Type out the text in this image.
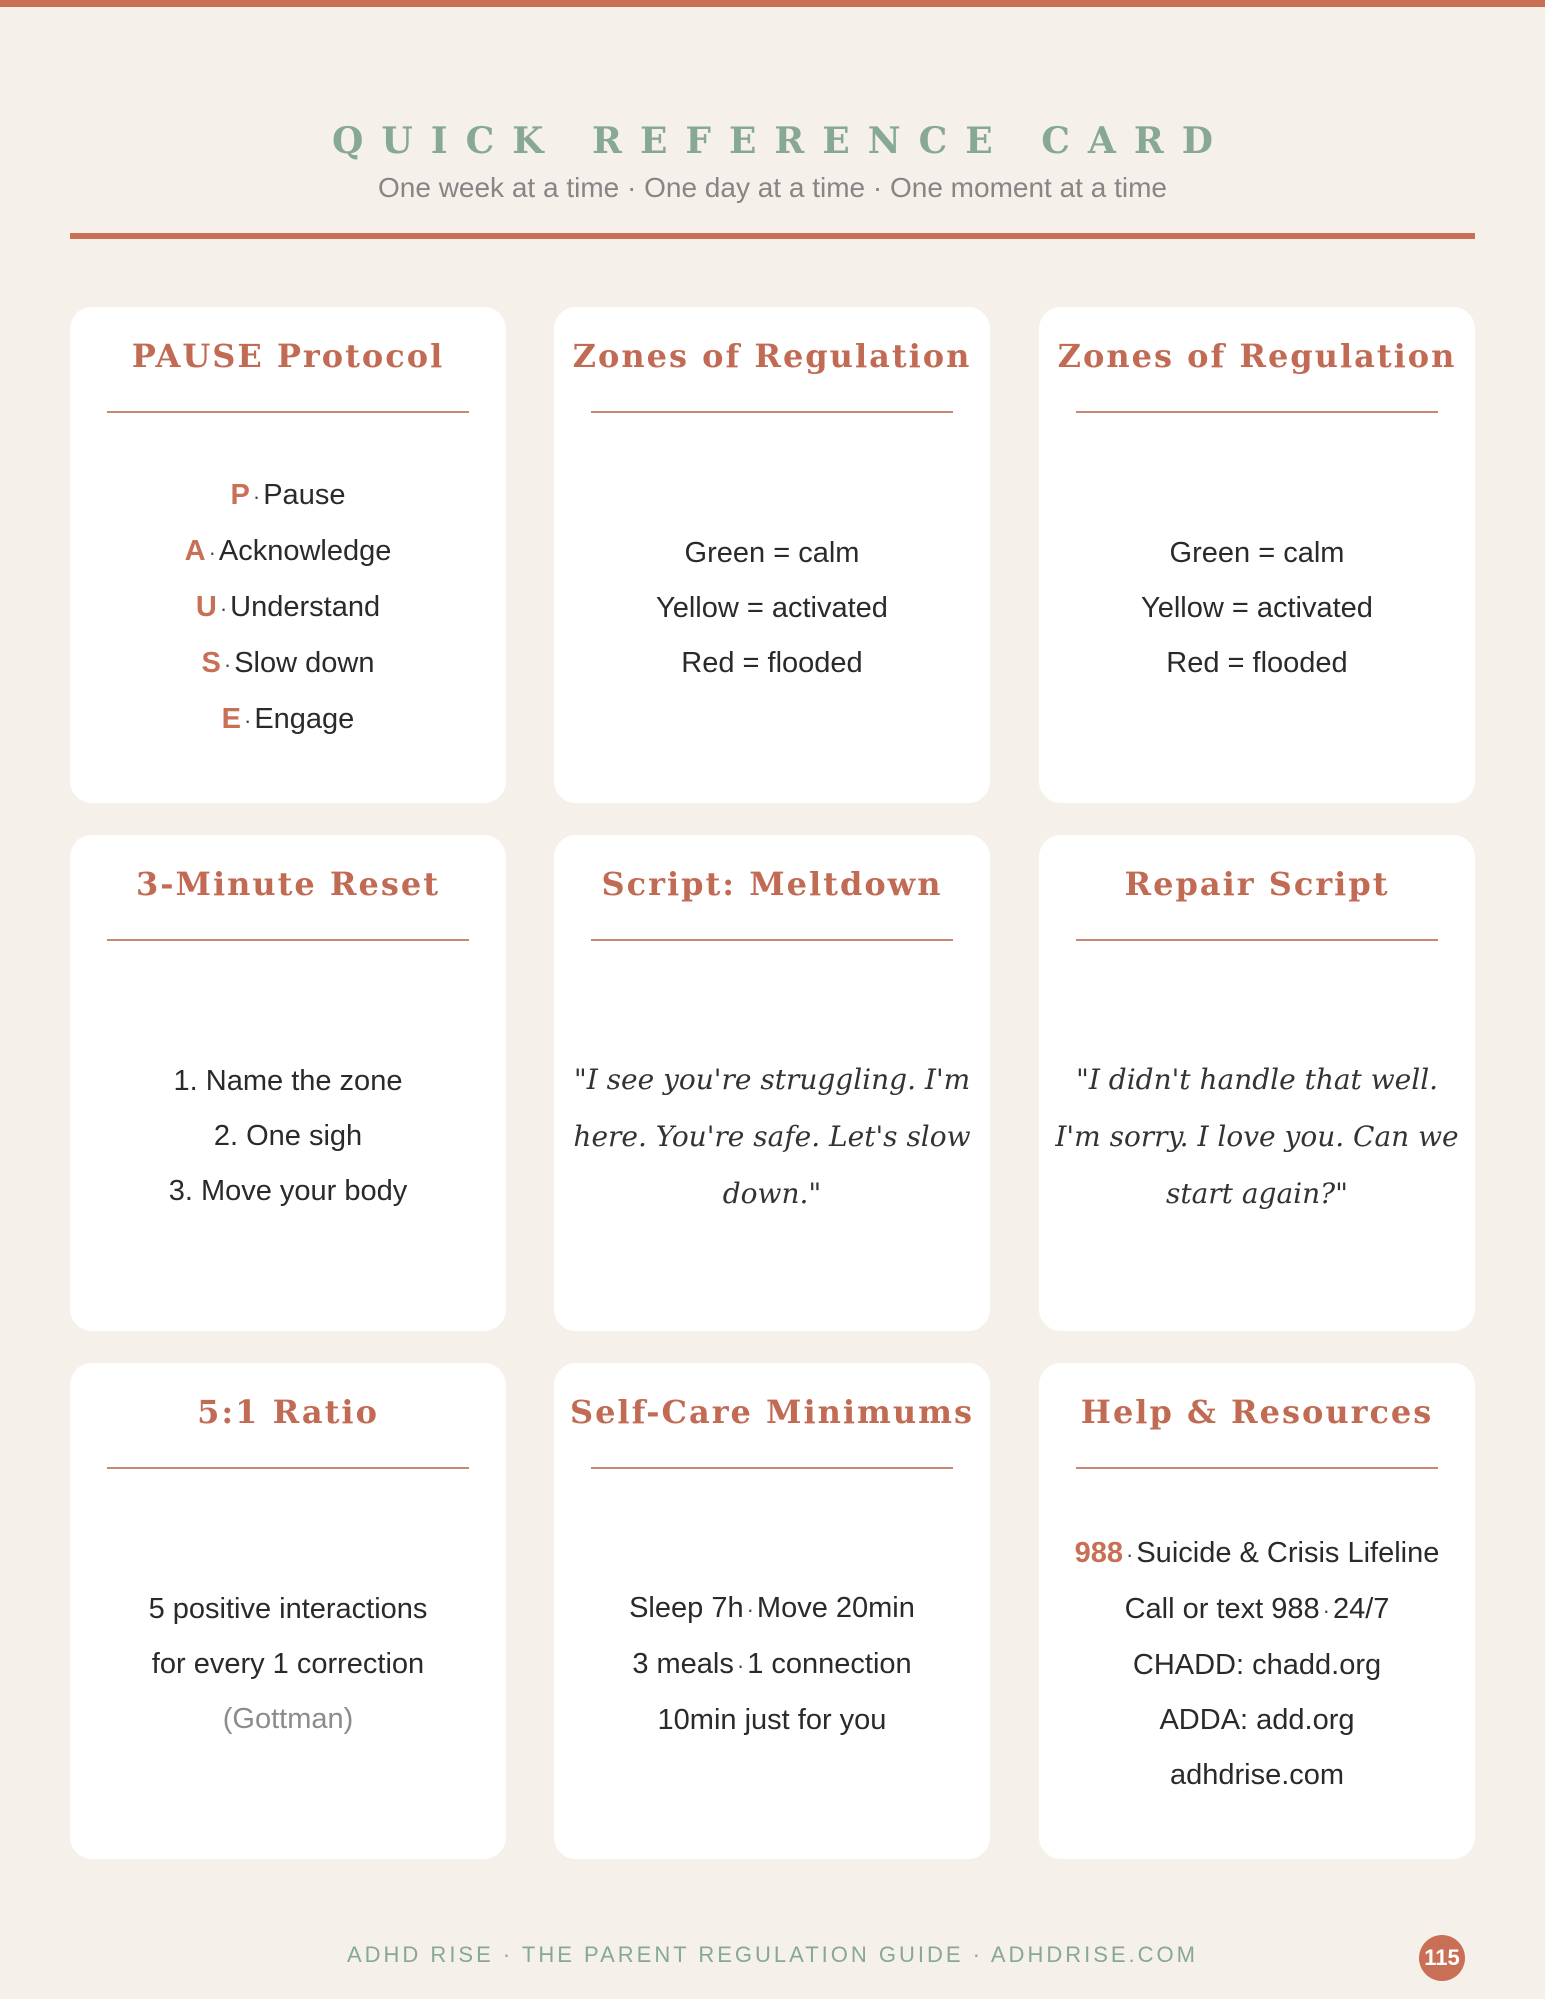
QUICK REFERENCE CARD
One week at a time · One day at a time · One moment at a time
PAUSE Protocol
P · Pause
A · Acknowledge
U · Understand
S · Slow down
E · Engage
Zones of Regulation
Green = calm
Yellow = activated
Red = flooded
Zones of Regulation
Green = calm
Yellow = activated
Red = flooded
3-Minute Reset
1. Name the zone
2. One sigh
3. Move your body
Script: Meltdown
"I see you're struggling. I'm here. You're safe. Let's slow down."
Repair Script
"I didn't handle that well. I'm sorry. I love you. Can we start again?"
5:1 Ratio
5 positive interactions
for every 1 correction
(Gottman)
Self-Care Minimums
Sleep 7h · Move 20min
3 meals · 1 connection
10min just for you
Help & Resources
988 · Suicide & Crisis Lifeline
Call or text 988 · 24/7
CHADD: chadd.org
ADDA: add.org
adhdrise.com
ADHD RISE · THE PARENT REGULATION GUIDE · ADHDRISE.COM	115
